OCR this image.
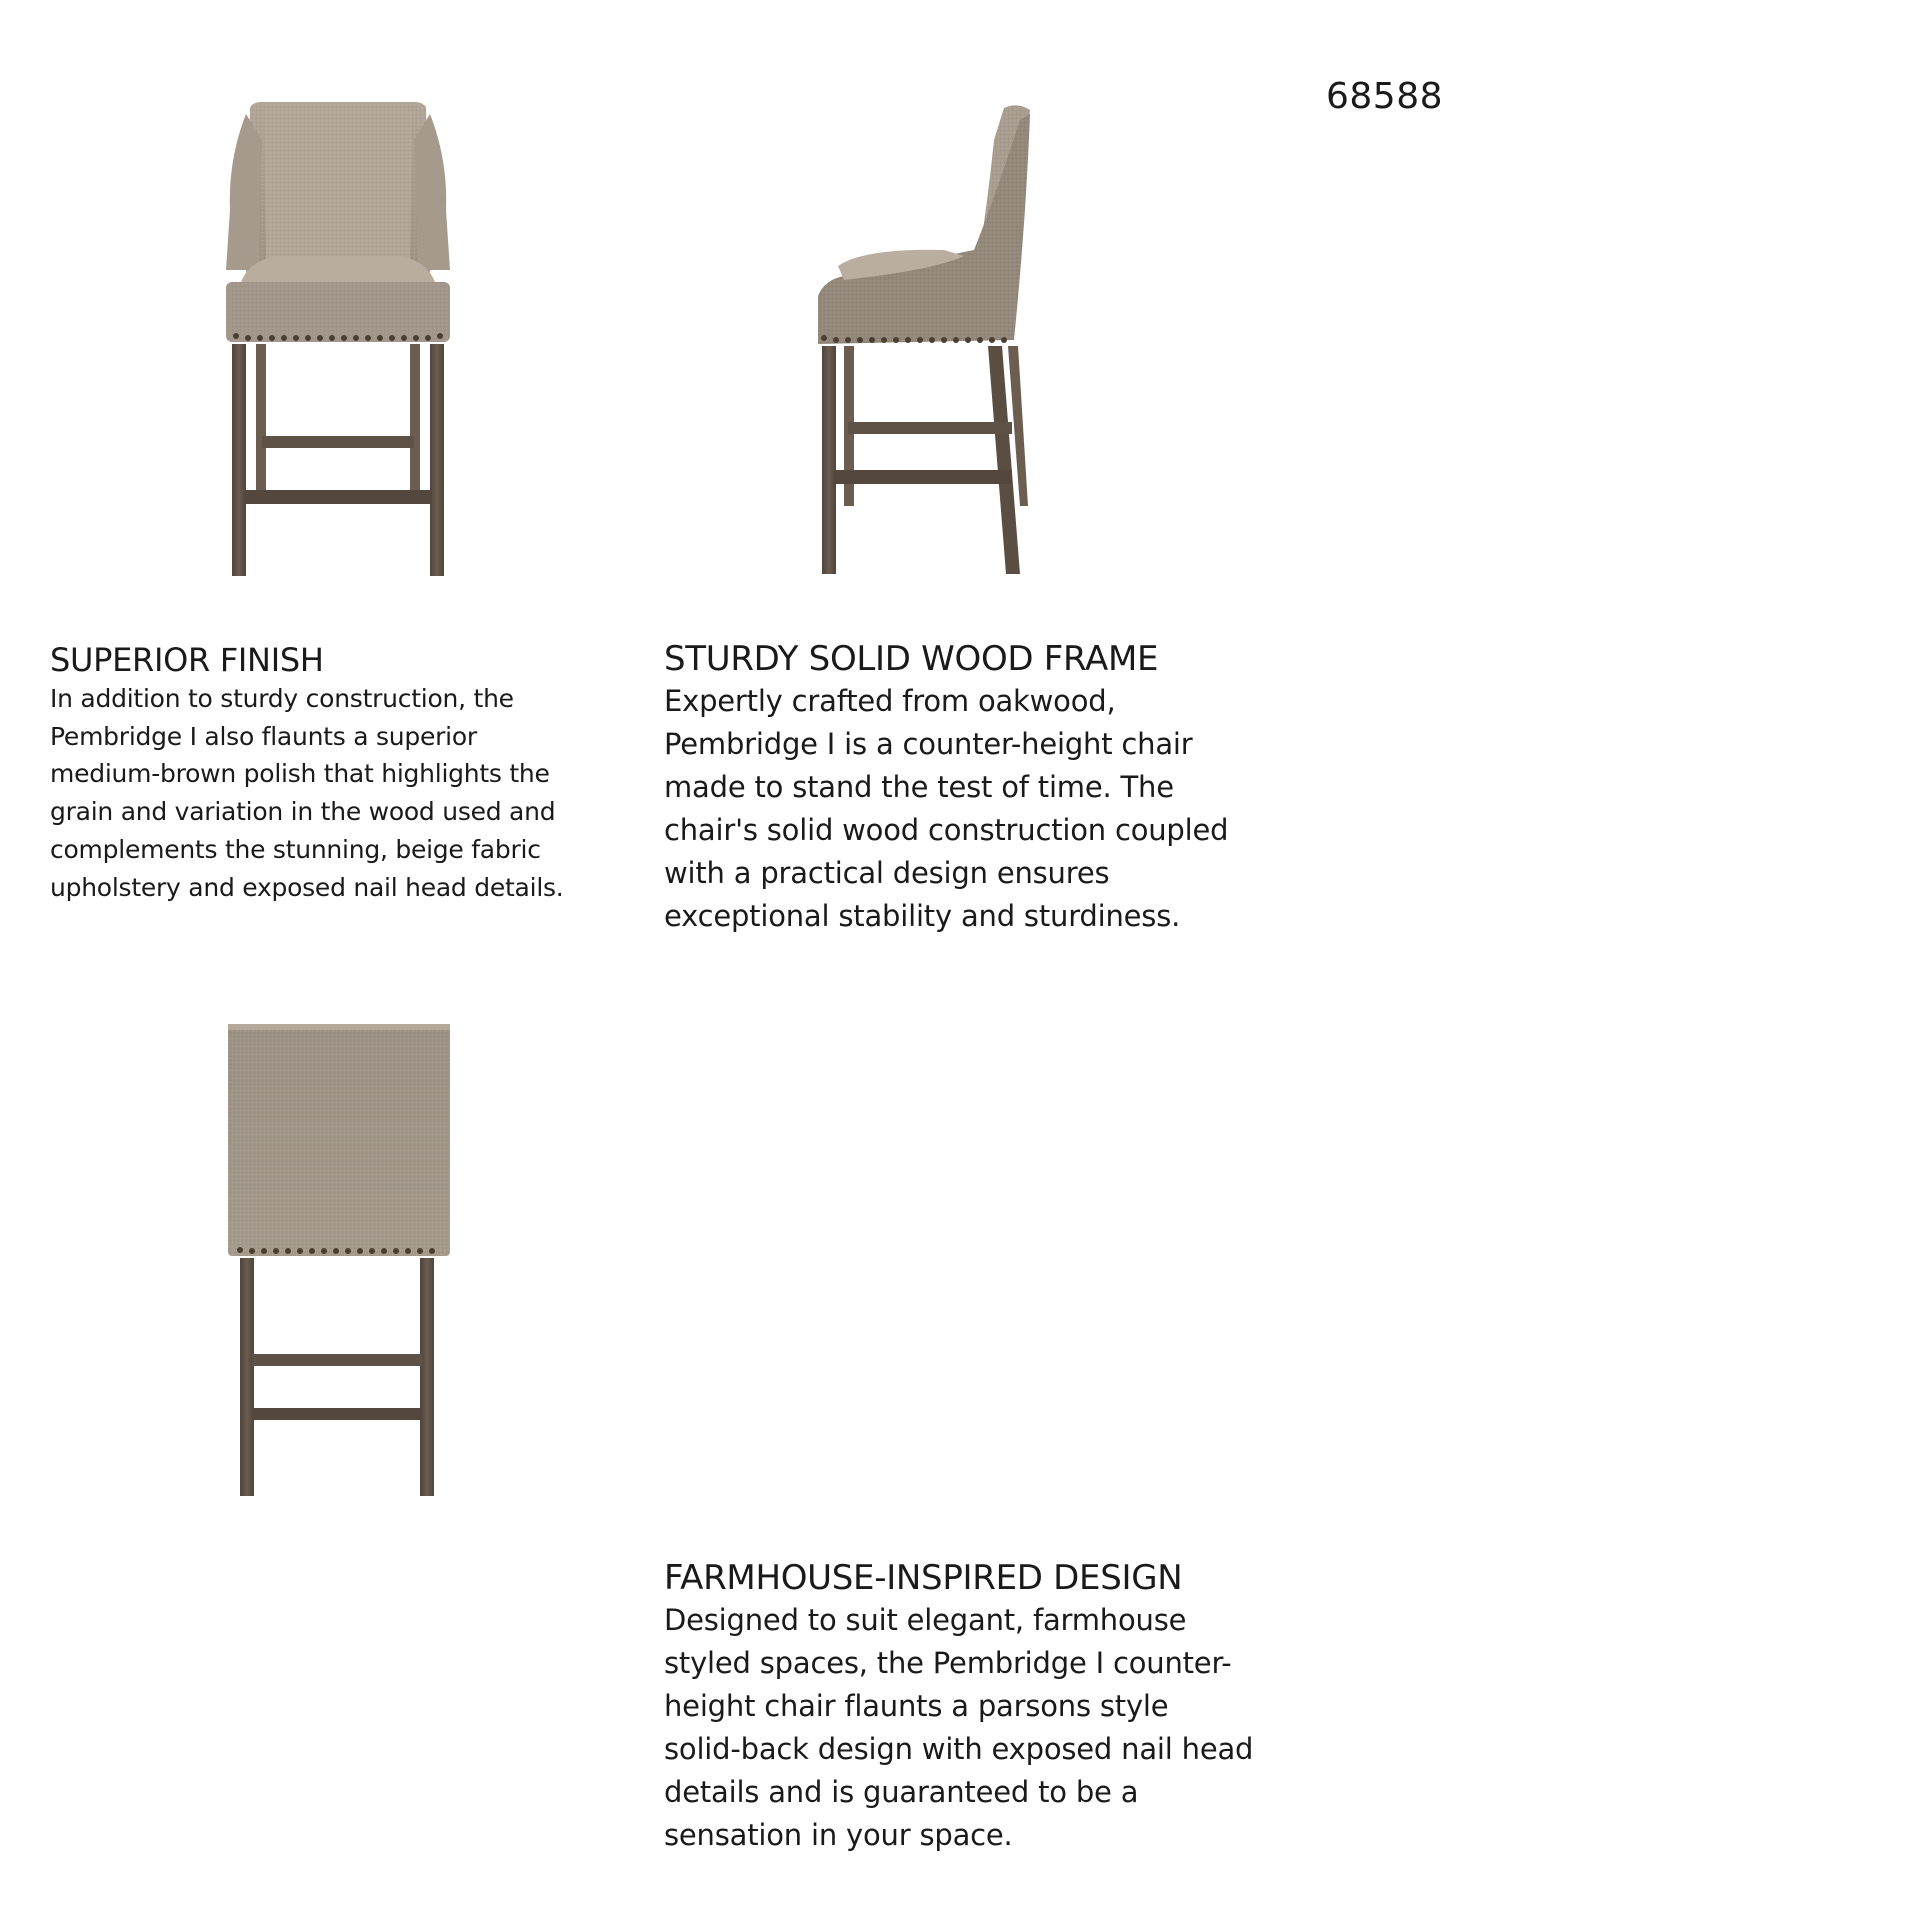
68588
SUPERIOR FINISH

In addition to sturdy construction, the Pembridge I also flaunts a superior medium-brown polish that highlights the grain and variation in the wood used and complements the stunning, beige fabric upholstery and exposed nail head details.

STURDY SOLID WOOD FRAME

Expertly crafted from oakwood, Pembridge I is a counter-height chair made to stand the test of time. The chair's solid wood construction coupled with a practical design ensures exceptional stability and sturdiness.

FARMHOUSE-INSPIRED DESIGN

Designed to suit elegant, farmhouse styled spaces, the Pembridge I counter-height chair flaunts a parsons style solid-back design with exposed nail head details and is guaranteed to be a sensation in your space.
